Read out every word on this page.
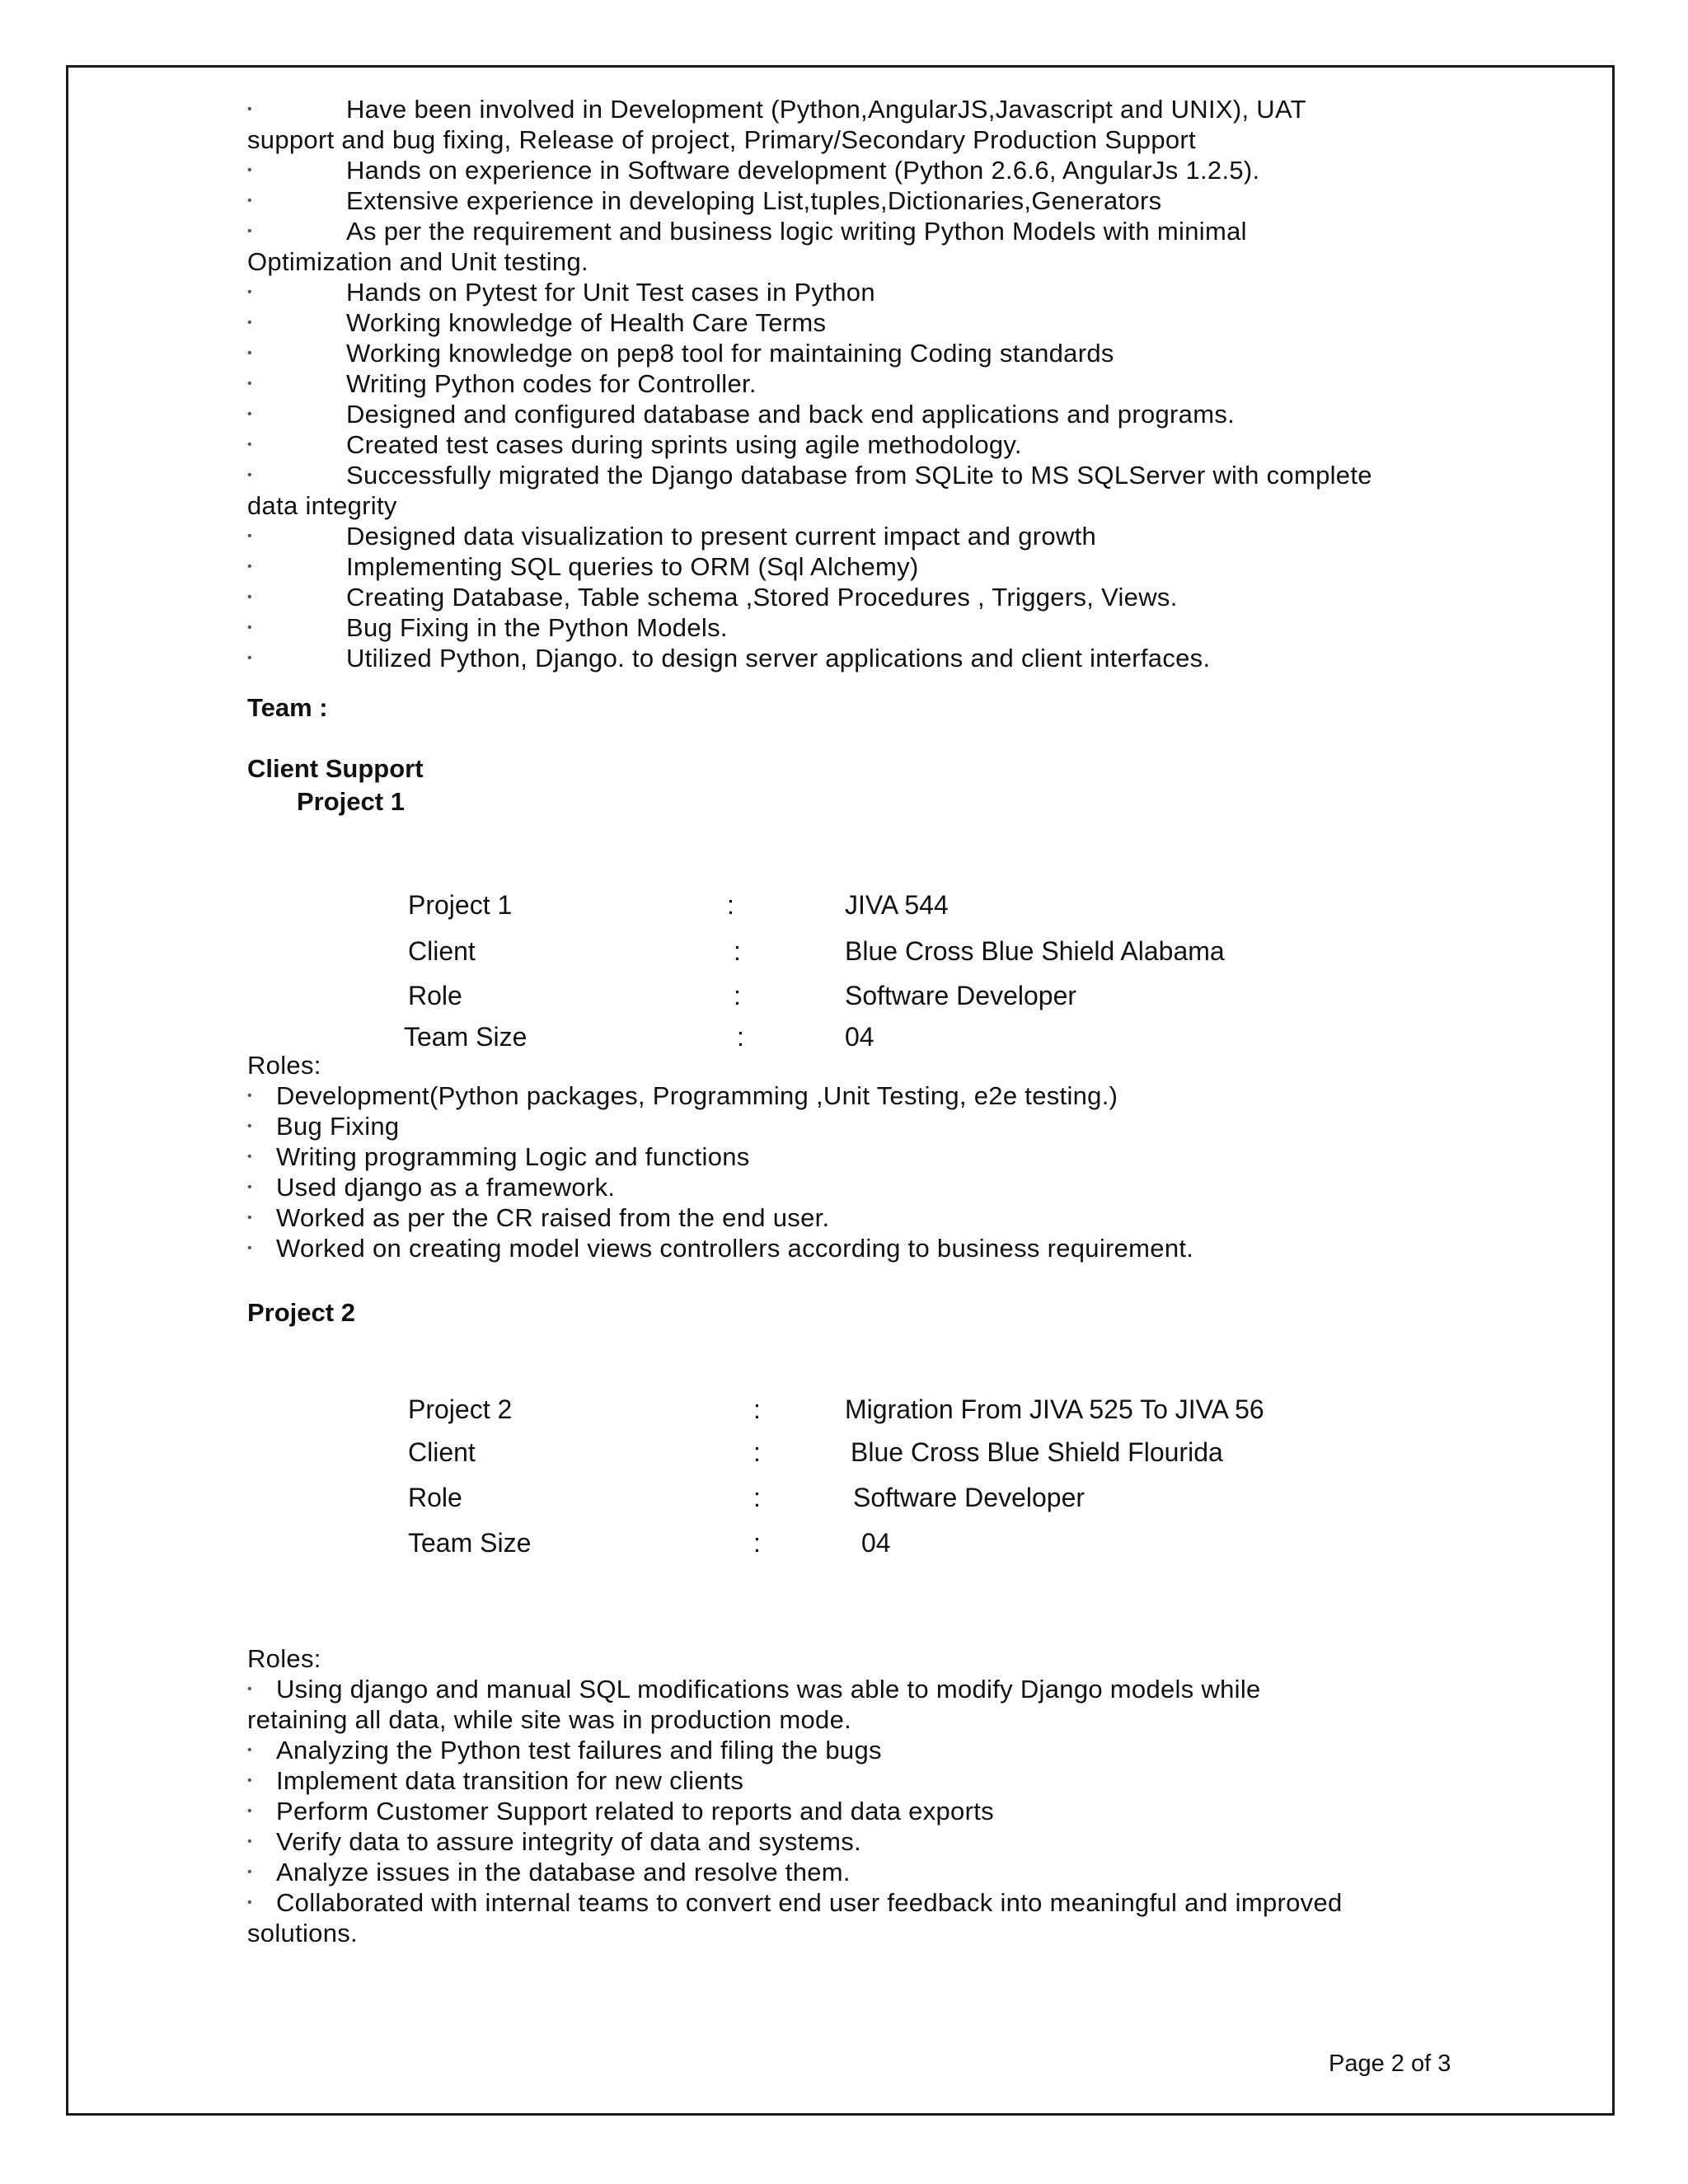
• Have been involved in Development (Python,AngularJS,Javascript and UNIX), UAT
support and bug fixing, Release of project, Primary/Secondary Production Support
• Hands on experience in Software development (Python 2.6.6, AngularJs 1.2.5).
• Extensive experience in developing List,tuples,Dictionaries,Generators
• As per the requirement and business logic writing Python Models with minimal
Optimization and Unit testing.
• Hands on Pytest for Unit Test cases in Python
• Working knowledge of Health Care Terms
• Working knowledge on pep8 tool for maintaining Coding standards
• Writing Python codes for Controller.
• Designed and configured database and back end applications and programs.
• Created test cases during sprints using agile methodology.
• Successfully migrated the Django database from SQLite to MS SQLServer with complete
data integrity
• Designed data visualization to present current impact and growth
• Implementing SQL queries to ORM (Sql Alchemy)
• Creating Database, Table schema ,Stored Procedures , Triggers, Views.
• Bug Fixing in the Python Models.
• Utilized Python, Django. to design server applications and client interfaces.
Team :
Client Support
Project 1
Project 1	:	JIVA 544
Client	:	Blue Cross Blue Shield Alabama
Role	:	Software Developer
Team Size	:	04
Roles:
• Development(Python packages, Programming ,Unit Testing, e2e testing.)
• Bug Fixing
• Writing programming Logic and functions
• Used django as a framework.
• Worked as per the CR raised from the end user.
• Worked on creating model views controllers according to business requirement.
Project 2
Project 2	:	Migration From JIVA 525 To JIVA 56
Client	:	Blue Cross Blue Shield Flourida
Role	:	Software Developer
Team Size	:	04
Roles:
• Using django and manual SQL modifications was able to modify Django models while
retaining all data, while site was in production mode.
• Analyzing the Python test failures and filing the bugs
• Implement data transition for new clients
• Perform Customer Support related to reports and data exports
• Verify data to assure integrity of data and systems.
• Analyze issues in the database and resolve them.
• Collaborated with internal teams to convert end user feedback into meaningful and improved
solutions.
Page 2 of 3
